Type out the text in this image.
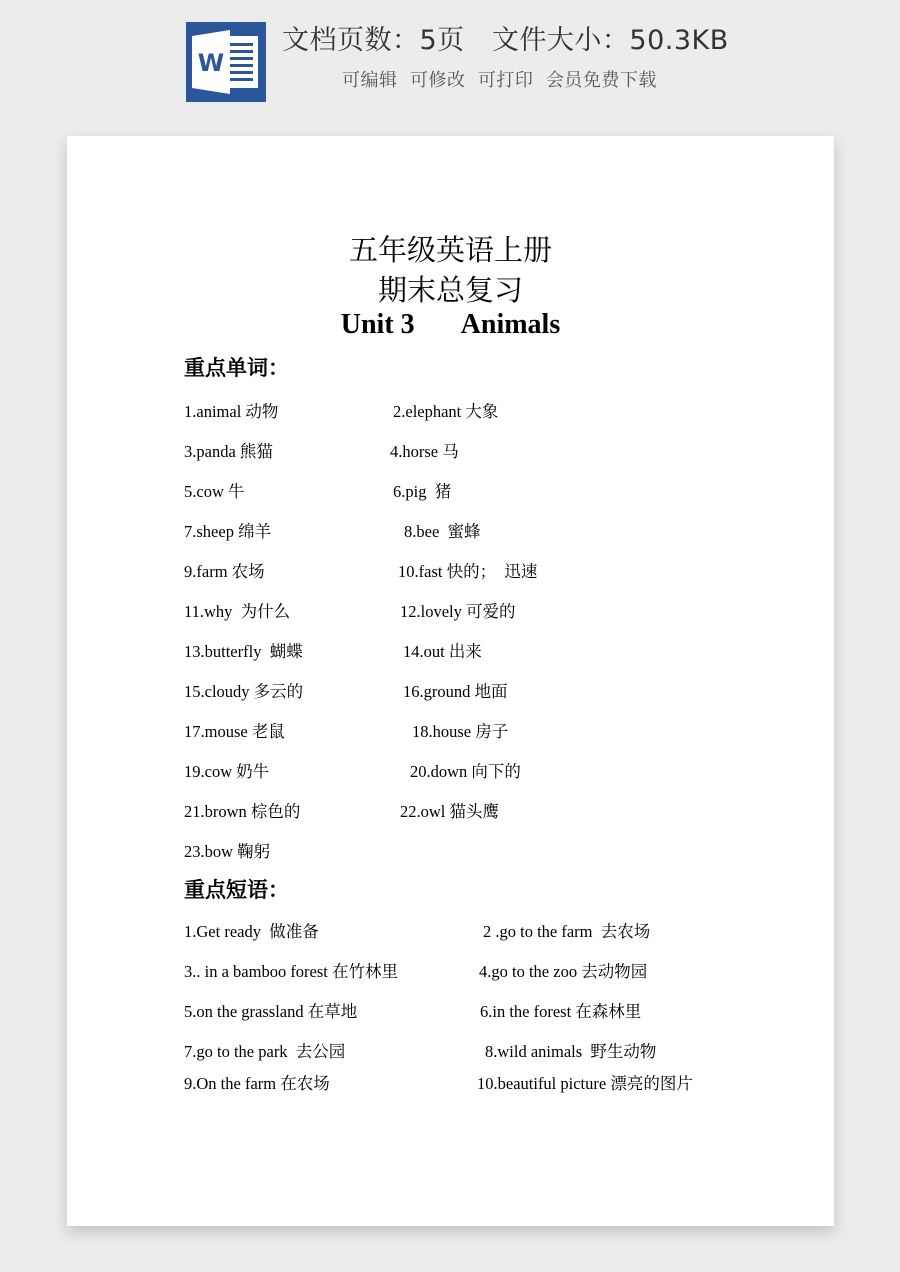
W
文档页数：5页   文件大小：50.3KB
可编辑  可修改  可打印  会员免费下载
五年级英语上册
期末总复习
Unit 3 Animals
重点单词：
1.animal 动物	2.elephant 大象
3.panda 熊猫	4.horse 马
5.cow 牛	6.pig  猪
7.sheep 绵羊	8.bee  蜜蜂
9.farm 农场	10.fast 快的；  迅速
11.why  为什么	12.lovely 可爱的
13.butterfly  蝴蝶	14.out 出来
15.cloudy 多云的	16.ground 地面
17.mouse 老鼠	18.house 房子
19.cow 奶牛	20.down 向下的
21.brown 棕色的	22.owl 猫头鹰
23.bow 鞠躬
重点短语：
1.Get ready  做准备	2 .go to the farm  去农场
3.. in a bamboo forest 在竹林里	4.go to the zoo 去动物园
5.on the grassland 在草地	6.in the forest 在森林里
7.go to the park  去公园	8.wild animals  野生动物
9.On the farm 在农场	10.beautiful picture 漂亮的图片
